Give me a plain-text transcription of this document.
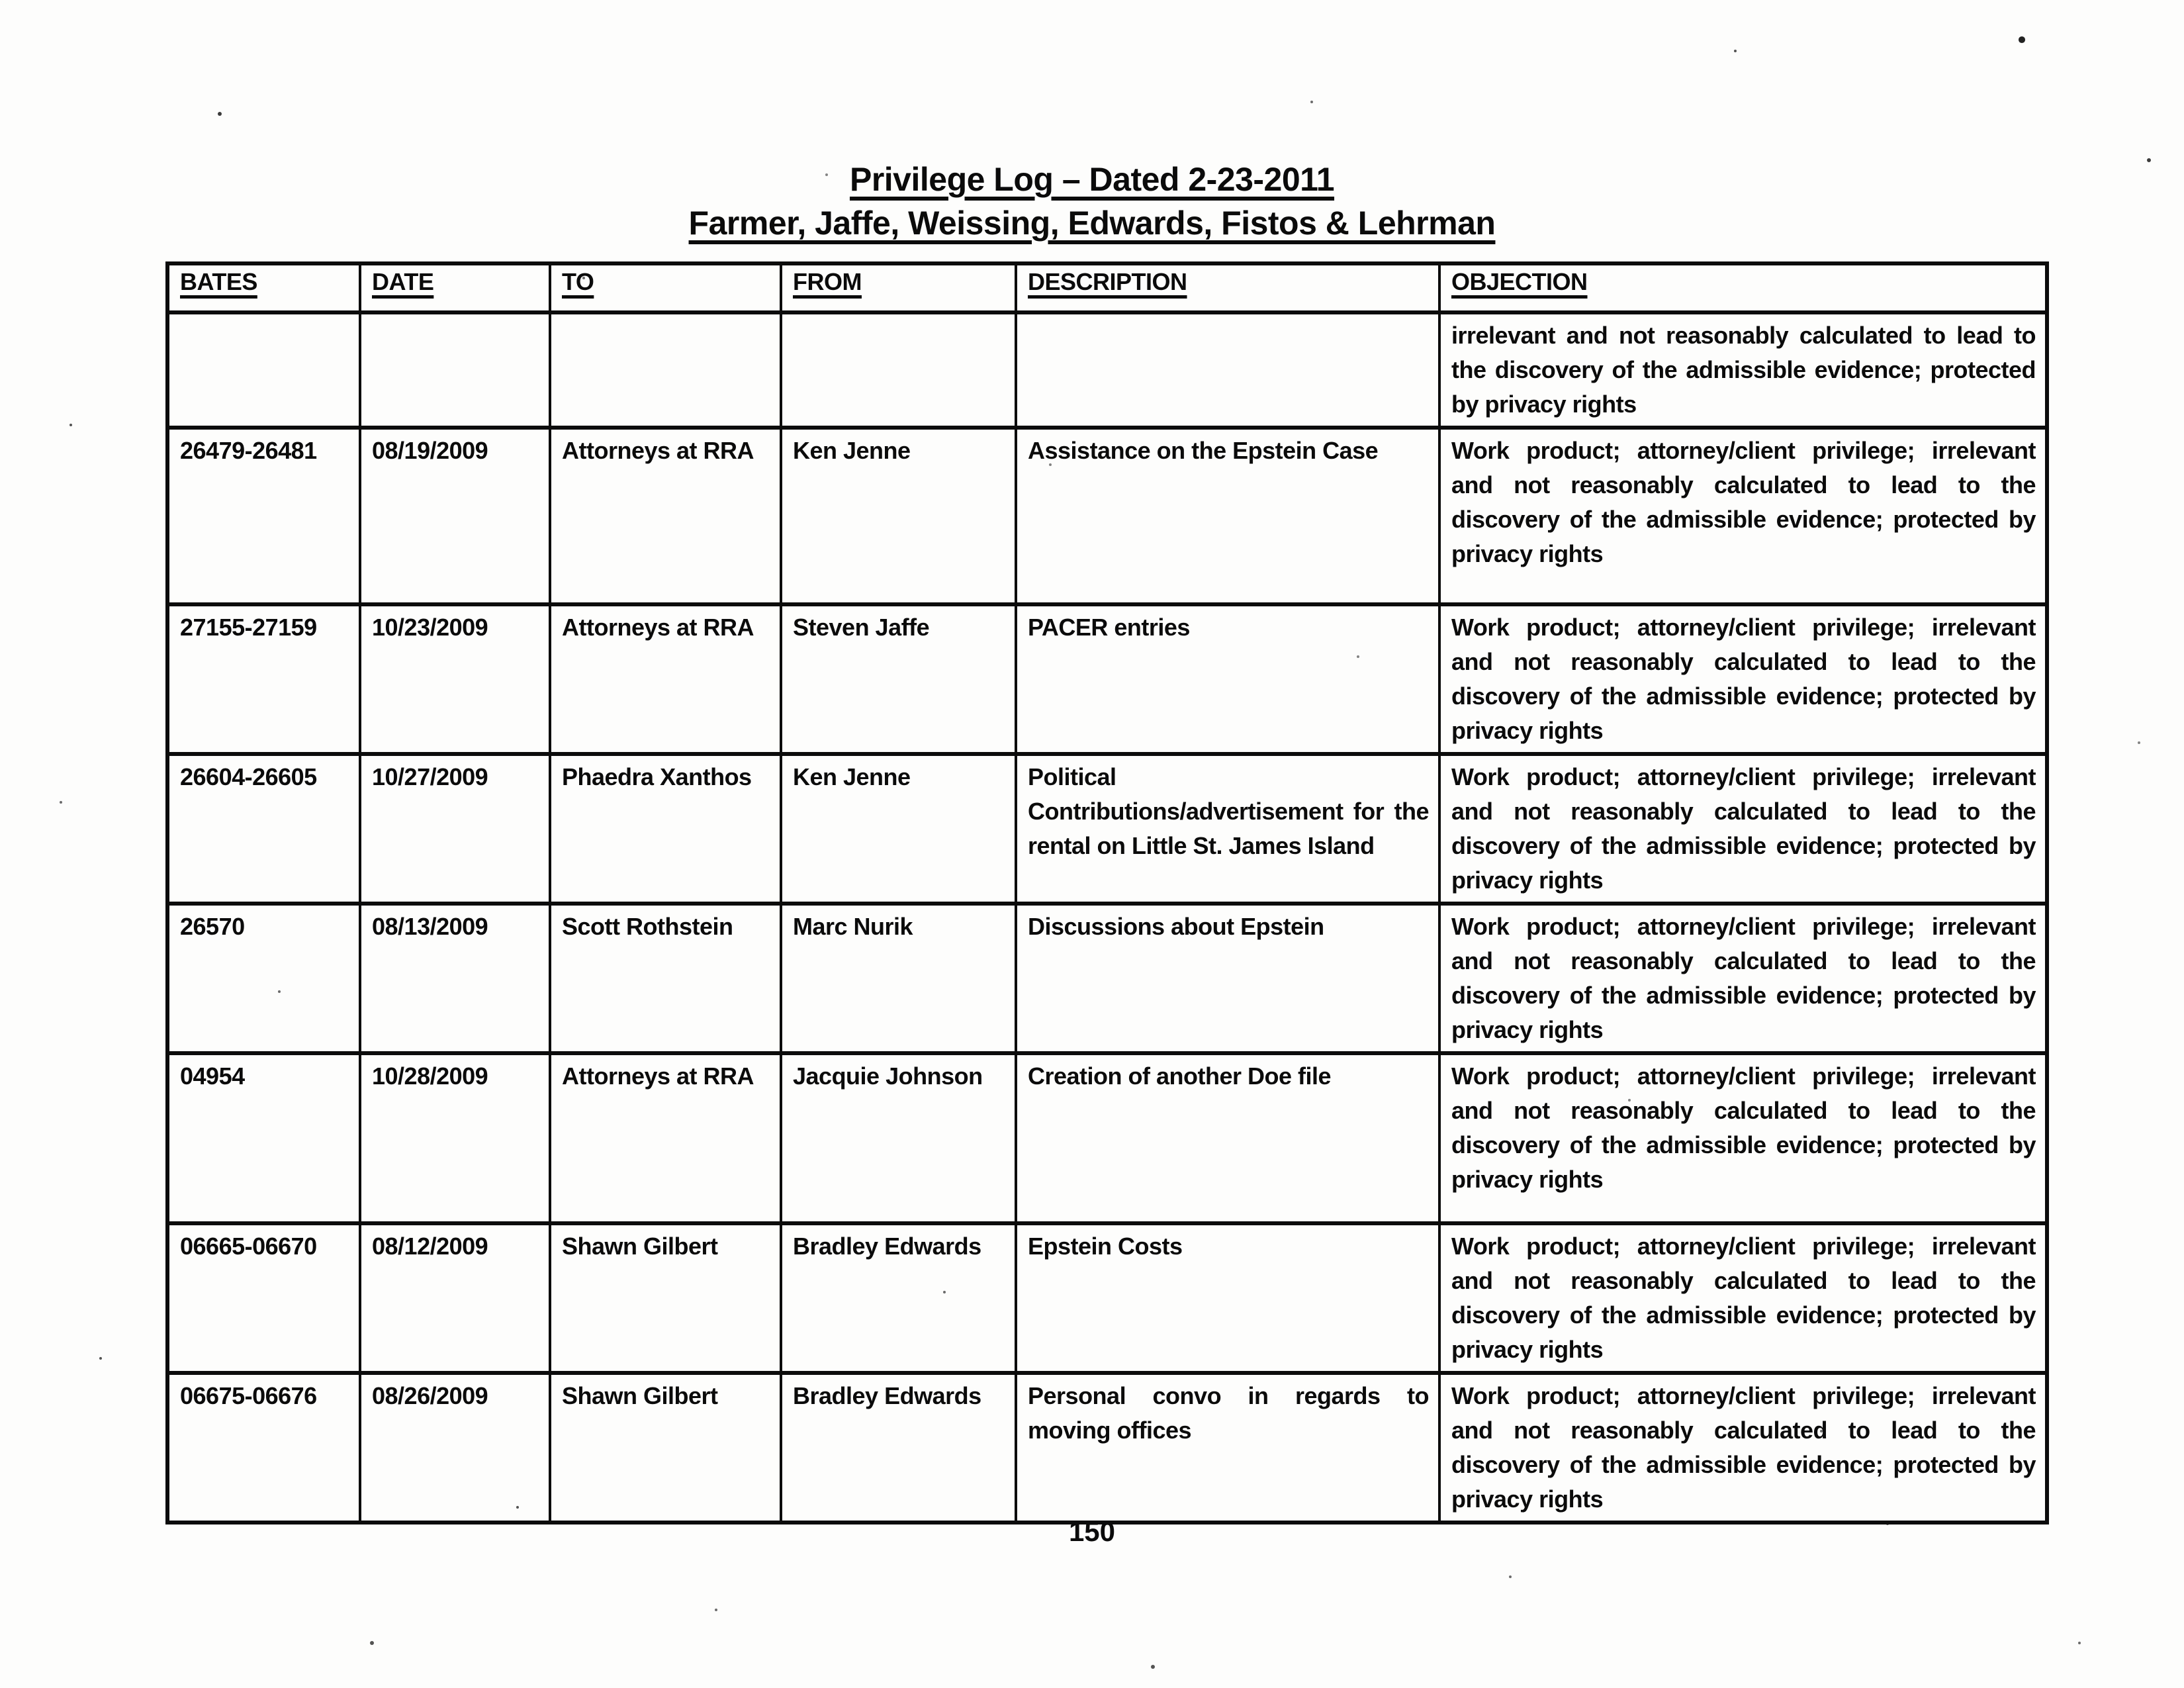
Privilege Log – Dated 2-23-2011
Farmer, Jaffe, Weissing, Edwards, Fistos & Lehrman
BATES	DATE	TO	FROM	DESCRIPTION	OBJECTION
					irrelevant and not reasonably calculated to lead to the discovery of the admissible evidence; protected by privacy rights
26479-26481	08/19/2009	Attorneys at RRA	Ken Jenne	Assistance on the Epstein Case	Work product; attorney/client privilege; irrelevant and not reasonably calculated to lead to the discovery of the admissible evidence; protected by privacy rights
27155-27159	10/23/2009	Attorneys at RRA	Steven Jaffe	PACER entries	Work product; attorney/client privilege; irrelevant and not reasonably calculated to lead to the discovery of the admissible evidence; protected by privacy rights
26604-26605	10/27/2009	Phaedra Xanthos	Ken Jenne	Political Contributions/advertisement for the rental on Little St. James Island	Work product; attorney/client privilege; irrelevant and not reasonably calculated to lead to the discovery of the admissible evidence; protected by privacy rights
26570	08/13/2009	Scott Rothstein	Marc Nurik	Discussions about Epstein	Work product; attorney/client privilege; irrelevant and not reasonably calculated to lead to the discovery of the admissible evidence; protected by privacy rights
04954	10/28/2009	Attorneys at RRA	Jacquie Johnson	Creation of another Doe file	Work product; attorney/client privilege; irrelevant and not reasonably calculated to lead to the discovery of the admissible evidence; protected by privacy rights
06665-06670	08/12/2009	Shawn Gilbert	Bradley Edwards	Epstein Costs	Work product; attorney/client privilege; irrelevant and not reasonably calculated to lead to the discovery of the admissible evidence; protected by privacy rights
06675-06676	08/26/2009	Shawn Gilbert	Bradley Edwards	Personal convo in regards to moving offices	Work product; attorney/client privilege; irrelevant and not reasonably calculated to lead to the discovery of the admissible evidence; protected by privacy rights
150
